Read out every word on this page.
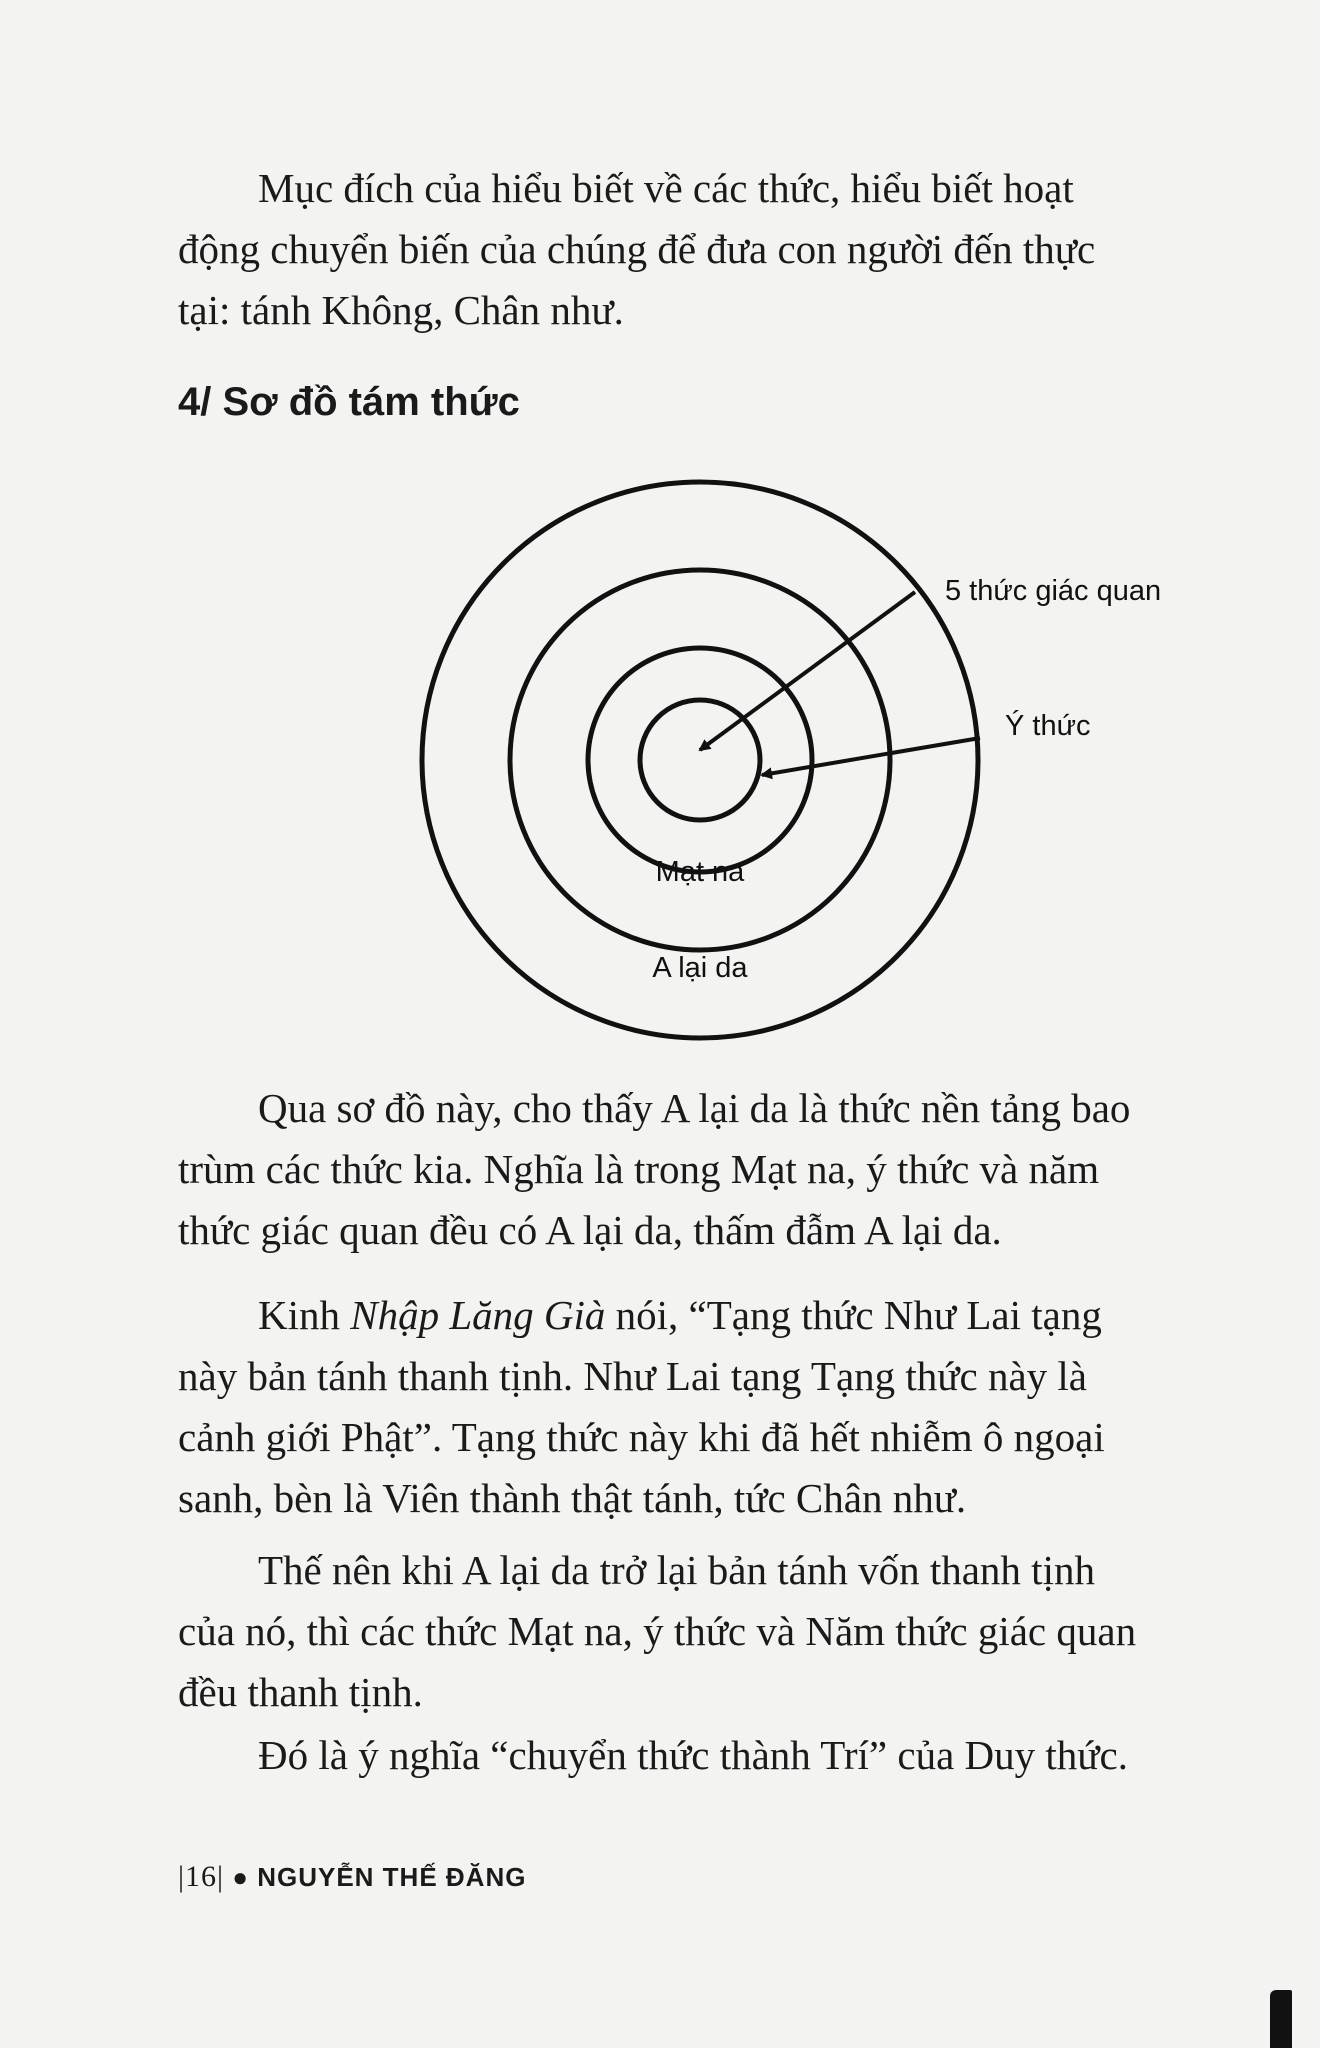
Mục đích của hiểu biết về các thức, hiểu biết hoạt
động chuyển biến của chúng để đưa con người đến thực
tại: tánh Không, Chân như.

4/ Sơ đồ tám thức
5 thức giác quan
Ý thức
Mạt na
A lại da

Qua sơ đồ này, cho thấy A lại da là thức nền tảng bao
trùm các thức kia. Nghĩa là trong Mạt na, ý thức và năm
thức giác quan đều có A lại da, thấm đẫm A lại da.

Kinh Nhập Lăng Già nói, “Tạng thức Như Lai tạng
này bản tánh thanh tịnh. Như Lai tạng Tạng thức này là
cảnh giới Phật”. Tạng thức này khi đã hết nhiễm ô ngoại
sanh, bèn là Viên thành thật tánh, tức Chân như.

Thế nên khi A lại da trở lại bản tánh vốn thanh tịnh
của nó, thì các thức Mạt na, ý thức và Năm thức giác quan
đều thanh tịnh.

Đó là ý nghĩa “chuyển thức thành Trí” của Duy thức.

|16| ● NGUYỄN THẾ ĐĂNG
